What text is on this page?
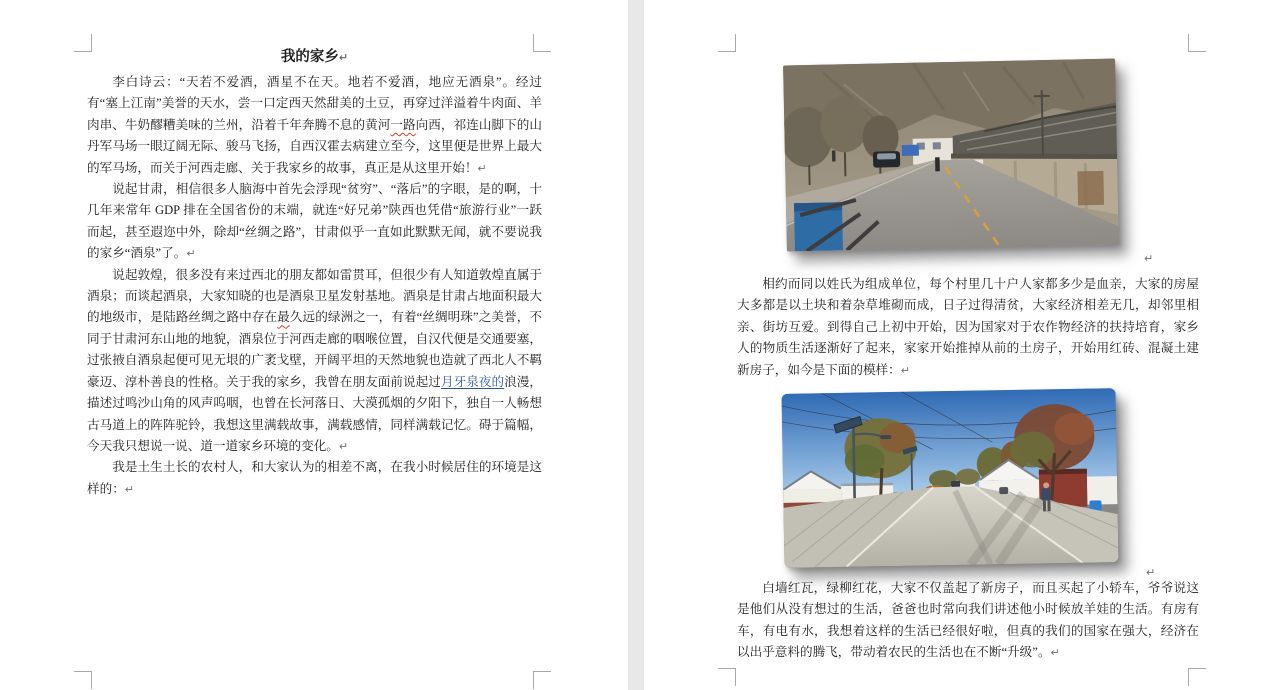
我的家乡↵

李白诗云：“天若不爱酒，酒星不在天。地若不爱酒，地应无酒泉”。经过有“塞上江南”美誉的天水，尝一口定西天然甜美的土豆，再穿过洋溢着牛肉面、羊肉串、牛奶醪糟美味的兰州，沿着千年奔腾不息的黄河一路向西，祁连山脚下的山丹军马场一眼辽阔无际、骏马飞扬，自西汉霍去病建立至今，这里便是世界上最大的军马场，而关于河西走廊、关于我家乡的故事，真正是从这里开始！↵

说起甘肃，相信很多人脑海中首先会浮现“贫穷”、“落后”的字眼，是的啊，十几年来常年 GDP 排在全国省份的末端，就连“好兄弟”陕西也凭借“旅游行业”一跃而起，甚至遐迩中外，除却“丝绸之路”，甘肃似乎一直如此默默无闻，就不要说我的家乡“酒泉”了。↵

说起敦煌，很多没有来过西北的朋友都如雷贯耳，但很少有人知道敦煌直属于酒泉；而谈起酒泉，大家知晓的也是酒泉卫星发射基地。酒泉是甘肃占地面积最大的地级市，是陆路丝绸之路中存在最久远的绿洲之一，有着“丝绸明珠”之美誉，不同于甘肃河东山地的地貌，酒泉位于河西走廊的咽喉位置，自汉代便是交通要塞，过张掖自酒泉起便可见无垠的广袤戈壁，开阔平坦的天然地貌也造就了西北人不羁豪迈、淳朴善良的性格。关于我的家乡，我曾在朋友面前说起过月牙泉夜的浪漫，描述过鸣沙山角的风声呜咽，也曾在长河落日、大漠孤烟的夕阳下，独自一人畅想古马道上的阵阵驼铃，我想这里满载故事，满载感情，同样满载记忆。碍于篇幅，今天我只想说一说、道一道家乡环境的变化。↵

我是土生土长的农村人，和大家认为的相差不离，在我小时候居住的环境是这样的：↵

↵

相约而同以姓氏为组成单位，每个村里几十户人家都多少是血亲，大家的房屋大多都是以土块和着杂草堆砌而成，日子过得清贫，大家经济相差无几，却邻里相亲、街坊互爱。到得自己上初中开始，因为国家对于农作物经济的扶持培育，家乡人的物质生活逐渐好了起来，家家开始推掉从前的土房子，开始用红砖、混凝土建新房子，如今是下面的模样：↵

↵

白墙红瓦，绿柳红花，大家不仅盖起了新房子，而且买起了小轿车，爷爷说这是他们从没有想过的生活，爸爸也时常向我们讲述他小时候放羊娃的生活。有房有车，有电有水，我想着这样的生活已经很好啦，但真的我们的国家在强大，经济在以出乎意料的腾飞，带动着农民的生活也在不断“升级”。↵
